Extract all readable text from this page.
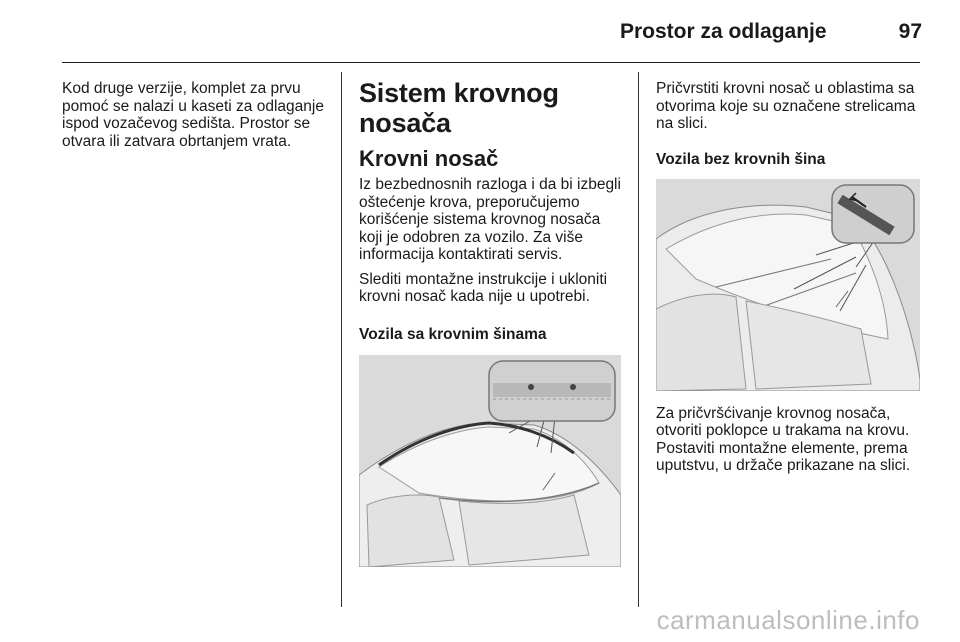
Prostor za odlaganje	97

Kod druge verzije, komplet za prvu pomoć se nalazi u kaseti za odlaganje ispod vozačevog sedišta. Prostor se otvara ili zatvara obrtanjem vrata.

Sistem krovnog nosača
Krovni nosač

Iz bezbednosnih razloga i da bi izbegli oštećenje krova, preporučujemo korišćenje sistema krovnog nosača koji je odobren za vozilo. Za više informacija kontaktirati servis.

Slediti montažne instrukcije i ukloniti krovni nosač kada nije u upotrebi.

Vozila sa krovnim šinama

Pričvrstiti krovni nosač u oblastima sa otvorima koje su označene strelicama na slici.

Vozila bez krovnih šina

Za pričvršćivanje krovnog nosača, otvoriti poklopce u trakama na krovu. Postaviti montažne elemente, prema uputstvu, u držače prikazane na slici.

carmanualsonline.info
